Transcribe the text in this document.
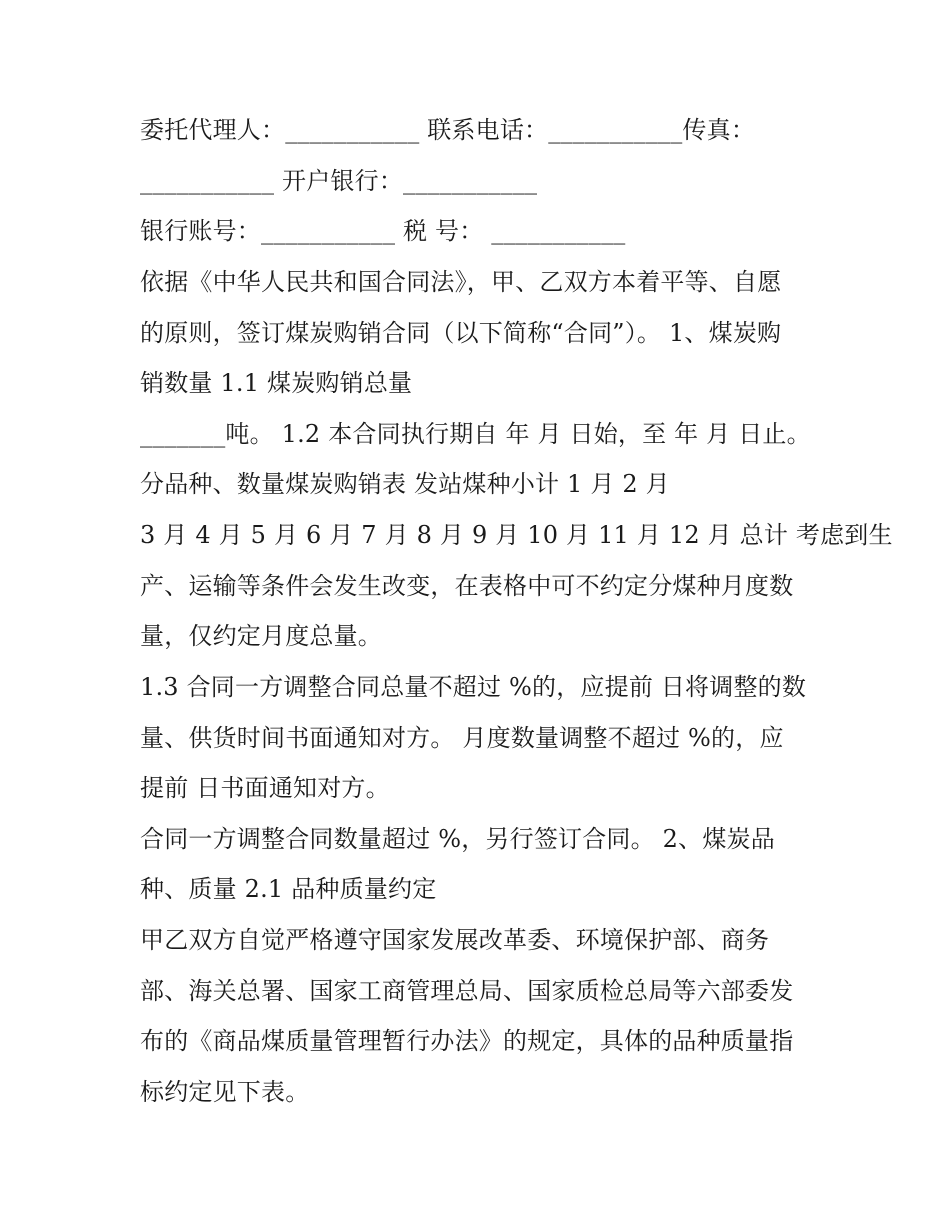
委托代理人：___________ 联系电话：___________传真：
___________ 开户银行：___________
银行账号：___________ 税 号： ___________
依据《中华人民共和国合同法》，甲、乙双方本着平等、自愿
的原则，签订煤炭购销合同（以下简称“合同”）。 1、煤炭购
销数量 1.1 煤炭购销总量
_______吨。 1.2 本合同执行期自 年 月 日始，至 年 月 日止。
分品种、数量煤炭购销表 发站煤种小计 1 月 2 月
3 月 4 月 5 月 6 月 7 月 8 月 9 月 10 月 11 月 12 月 总计 考虑到生
产、运输等条件会发生改变，在表格中可不约定分煤种月度数
量，仅约定月度总量。
1.3 合同一方调整合同总量不超过 %的，应提前 日将调整的数
量、供货时间书面通知对方。 月度数量调整不超过 %的，应
提前 日书面通知对方。
合同一方调整合同数量超过 %，另行签订合同。 2、煤炭品
种、质量 2.1 品种质量约定
甲乙双方自觉严格遵守国家发展改革委、环境保护部、商务
部、海关总署、国家工商管理总局、国家质检总局等六部委发
布的《商品煤质量管理暂行办法》的规定，具体的品种质量指
标约定见下表。
